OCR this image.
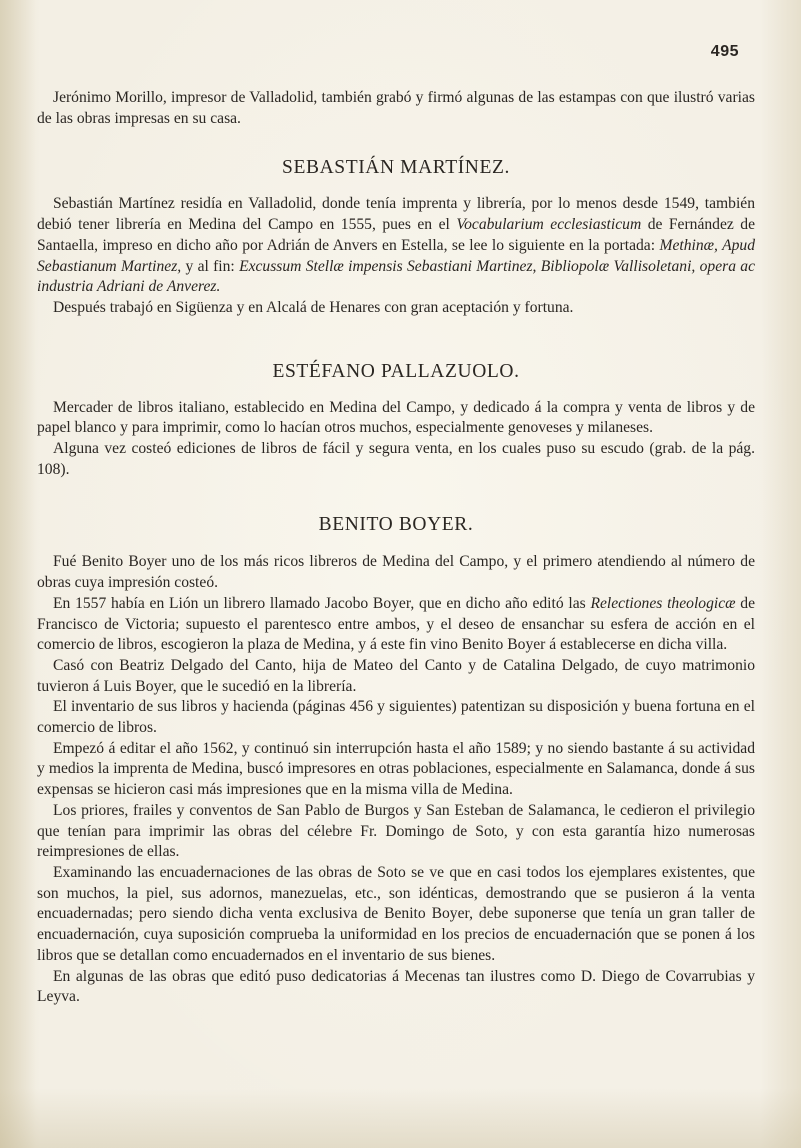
495

Jerónimo Morillo, impresor de Valladolid, también grabó y firmó algunas de las estampas con que ilustró varias de las obras impresas en su casa.

SEBASTIÁN MARTÍNEZ.

Sebastián Martínez residía en Valladolid, donde tenía imprenta y librería, por lo menos desde 1549, también debió tener librería en Medina del Campo en 1555, pues en el Vocabularium ecclesiasticum de Fernández de Santaella, impreso en dicho año por Adrián de Anvers en Estella, se lee lo siguiente en la portada: Methinæ, Apud Sebastianum Martinez, y al fin: Excussum Stellæ impensis Sebastiani Martinez, Bibliopolæ Vallisoletani, opera ac industria Adriani de Anverez.

Después trabajó en Sigüenza y en Alcalá de Henares con gran aceptación y fortuna.

ESTÉFANO PALLAZUOLO.

Mercader de libros italiano, establecido en Medina del Campo, y dedicado á la compra y venta de libros y de papel blanco y para imprimir, como lo hacían otros muchos, especialmente genoveses y milaneses.

Alguna vez costeó ediciones de libros de fácil y segura venta, en los cuales puso su escudo (grab. de la pág. 108).

BENITO BOYER.

Fué Benito Boyer uno de los más ricos libreros de Medina del Campo, y el primero atendiendo al número de obras cuya impresión costeó.

En 1557 había en Lión un librero llamado Jacobo Boyer, que en dicho año editó las Relectiones theologicæ de Francisco de Victoria; supuesto el parentesco entre ambos, y el deseo de ensanchar su esfera de acción en el comercio de libros, escogieron la plaza de Medina, y á este fin vino Benito Boyer á establecerse en dicha villa.

Casó con Beatriz Delgado del Canto, hija de Mateo del Canto y de Catalina Delgado, de cuyo matrimonio tuvieron á Luis Boyer, que le sucedió en la librería.

El inventario de sus libros y hacienda (páginas 456 y siguientes) patentizan su disposición y buena fortuna en el comercio de libros.

Empezó á editar el año 1562, y continuó sin interrupción hasta el año 1589; y no siendo bastante á su actividad y medios la imprenta de Medina, buscó impresores en otras poblaciones, especialmente en Salamanca, donde á sus expensas se hicieron casi más impresiones que en la misma villa de Medina.

Los priores, frailes y conventos de San Pablo de Burgos y San Esteban de Salamanca, le cedieron el privilegio que tenían para imprimir las obras del célebre Fr. Domingo de Soto, y con esta garantía hizo numerosas reimpresiones de ellas.

Examinando las encuadernaciones de las obras de Soto se ve que en casi todos los ejemplares existentes, que son muchos, la piel, sus adornos, manezuelas, etc., son idénticas, demostrando que se pusieron á la venta encuadernadas; pero siendo dicha venta exclusiva de Benito Boyer, debe suponerse que tenía un gran taller de encuadernación, cuya suposición comprueba la uniformidad en los precios de encuadernación que se ponen á los libros que se detallan como encuadernados en el inventario de sus bienes.

En algunas de las obras que editó puso dedicatorias á Mecenas tan ilustres como D. Diego de Covarrubias y Leyva.
